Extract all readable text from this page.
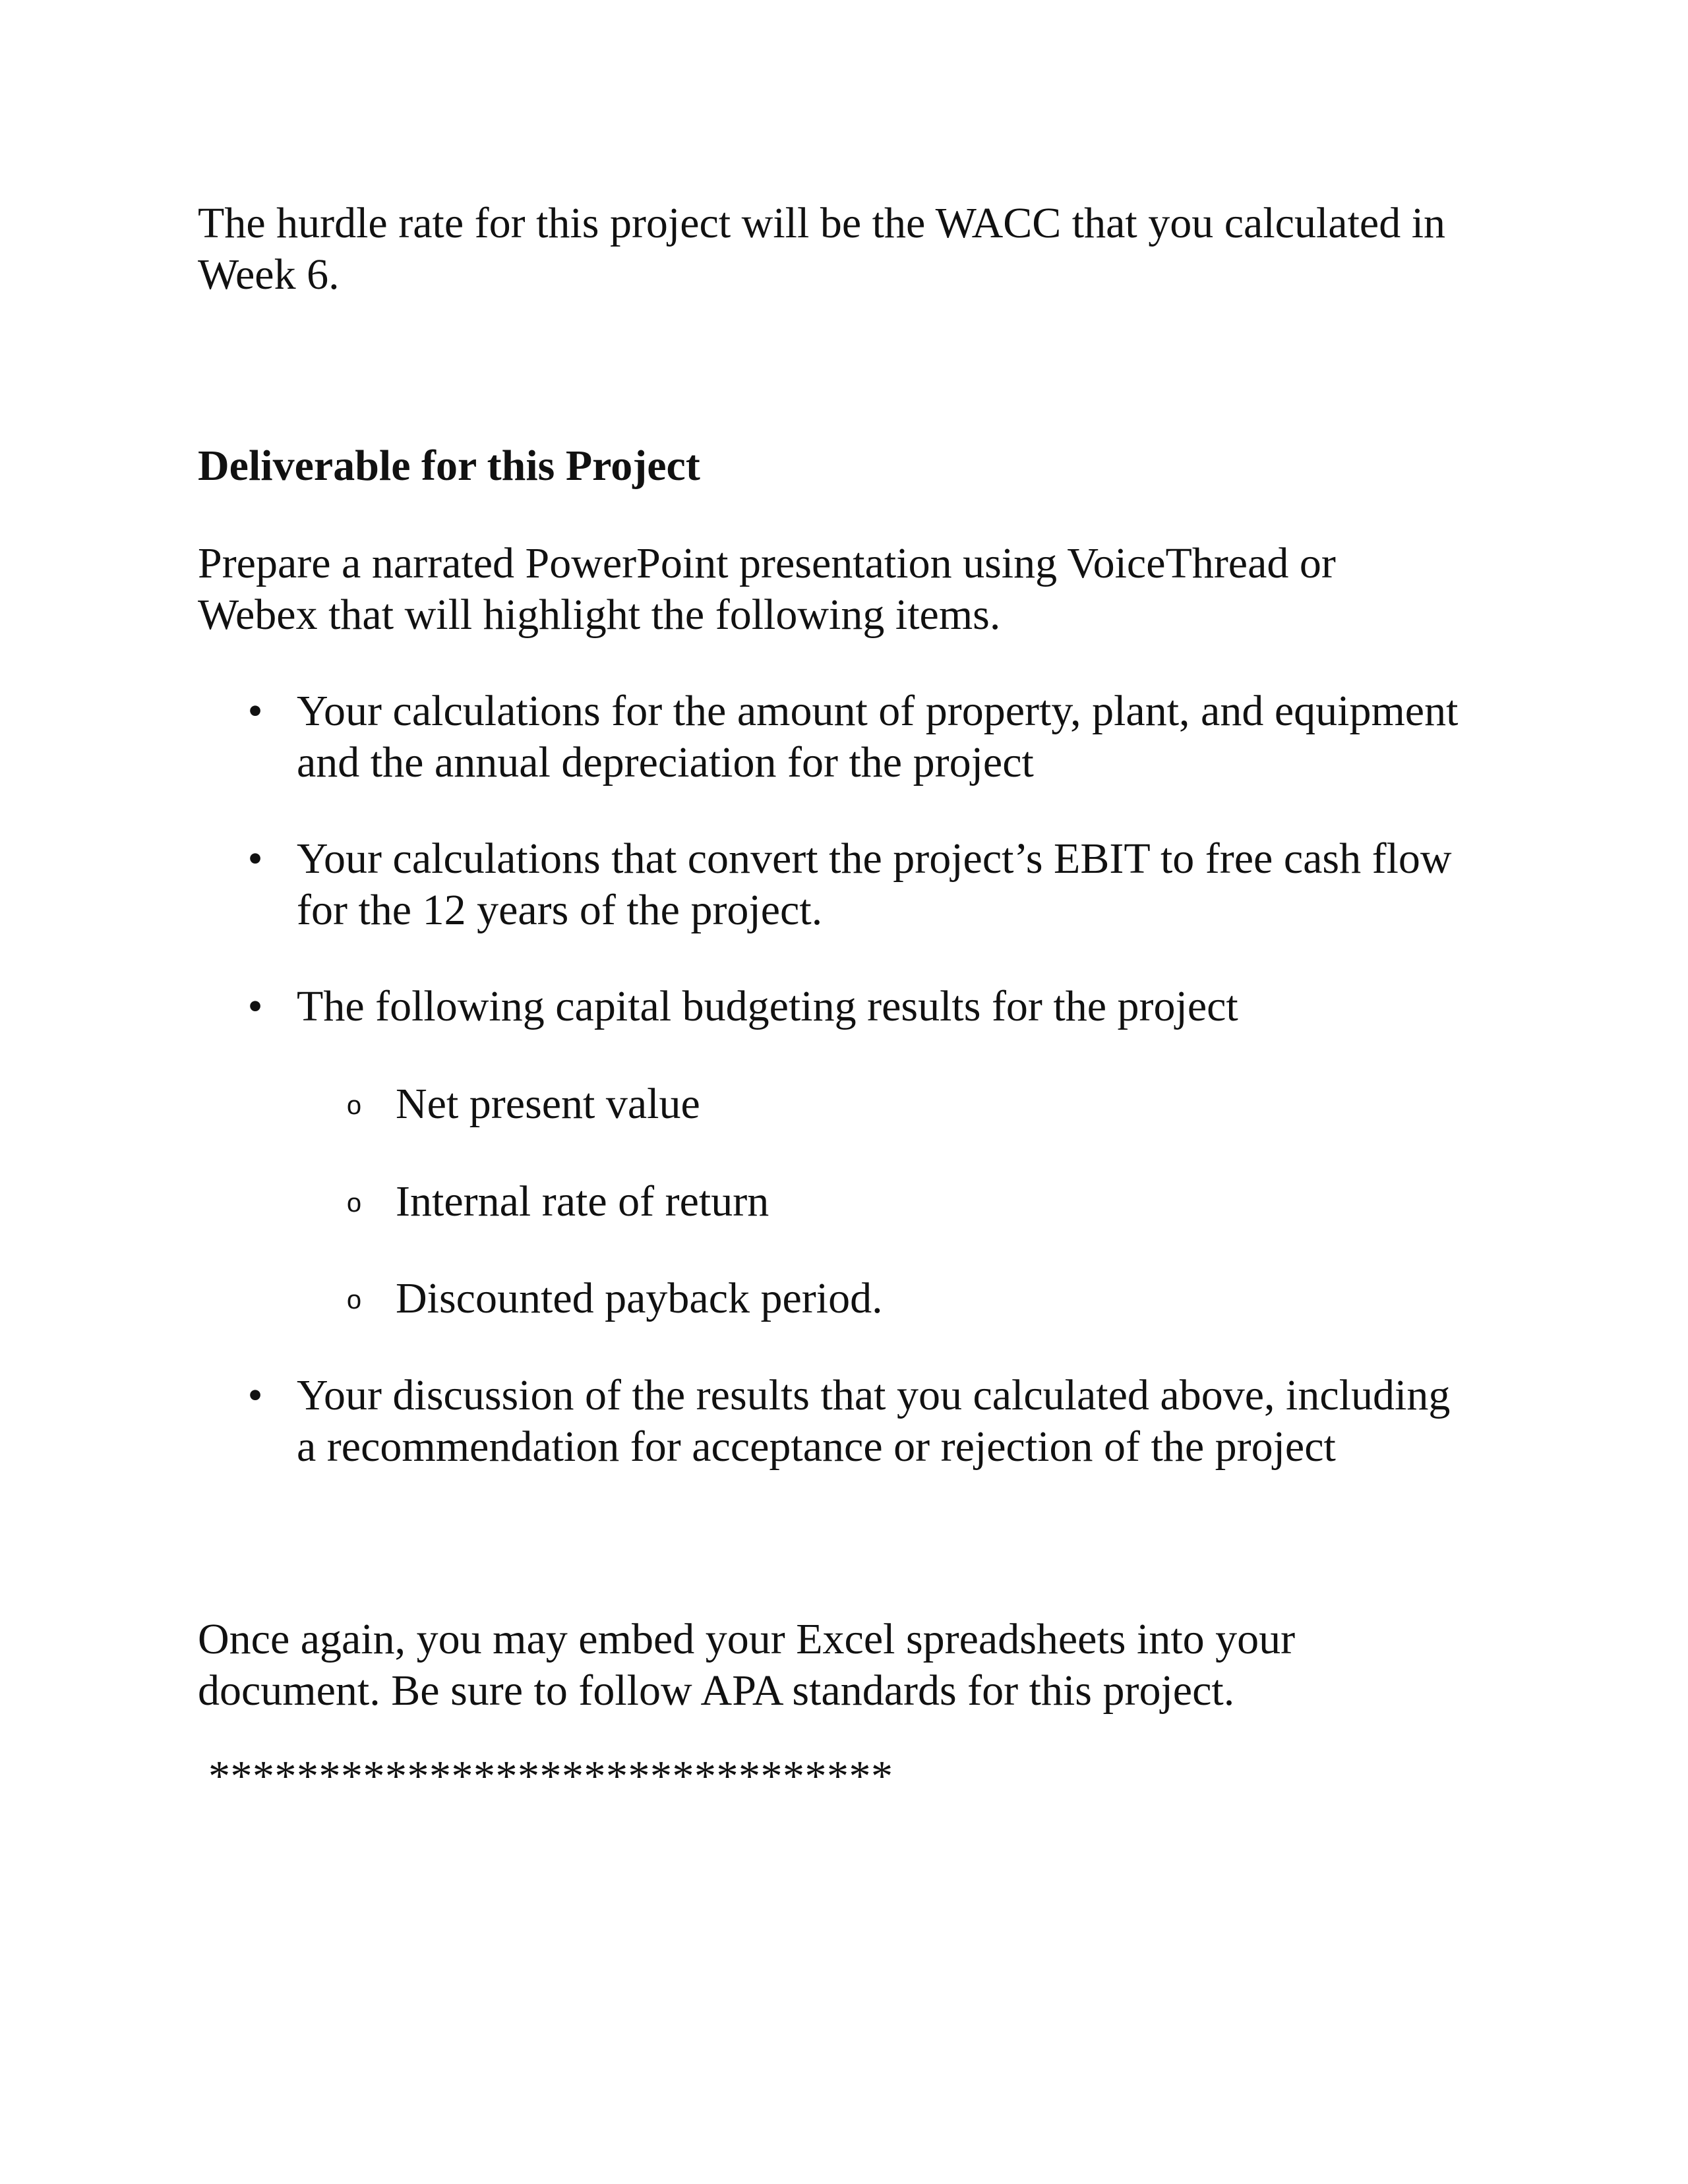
The hurdle rate for this project will be the WACC that you calculated in
Week 6.
Deliverable for this Project
Prepare a narrated PowerPoint presentation using VoiceThread or
Webex that will highlight the following items.
• Your calculations for the amount of property, plant, and equipment
and the annual depreciation for the project
• Your calculations that convert the project’s EBIT to free cash flow
for the 12 years of the project.
• The following capital budgeting results for the project
o Net present value
o Internal rate of return
o Discounted payback period.
• Your discussion of the results that you calculated above, including
a recommendation for acceptance or rejection of the project
Once again, you may embed your Excel spreadsheets into your
document. Be sure to follow APA standards for this project.
*******************************
